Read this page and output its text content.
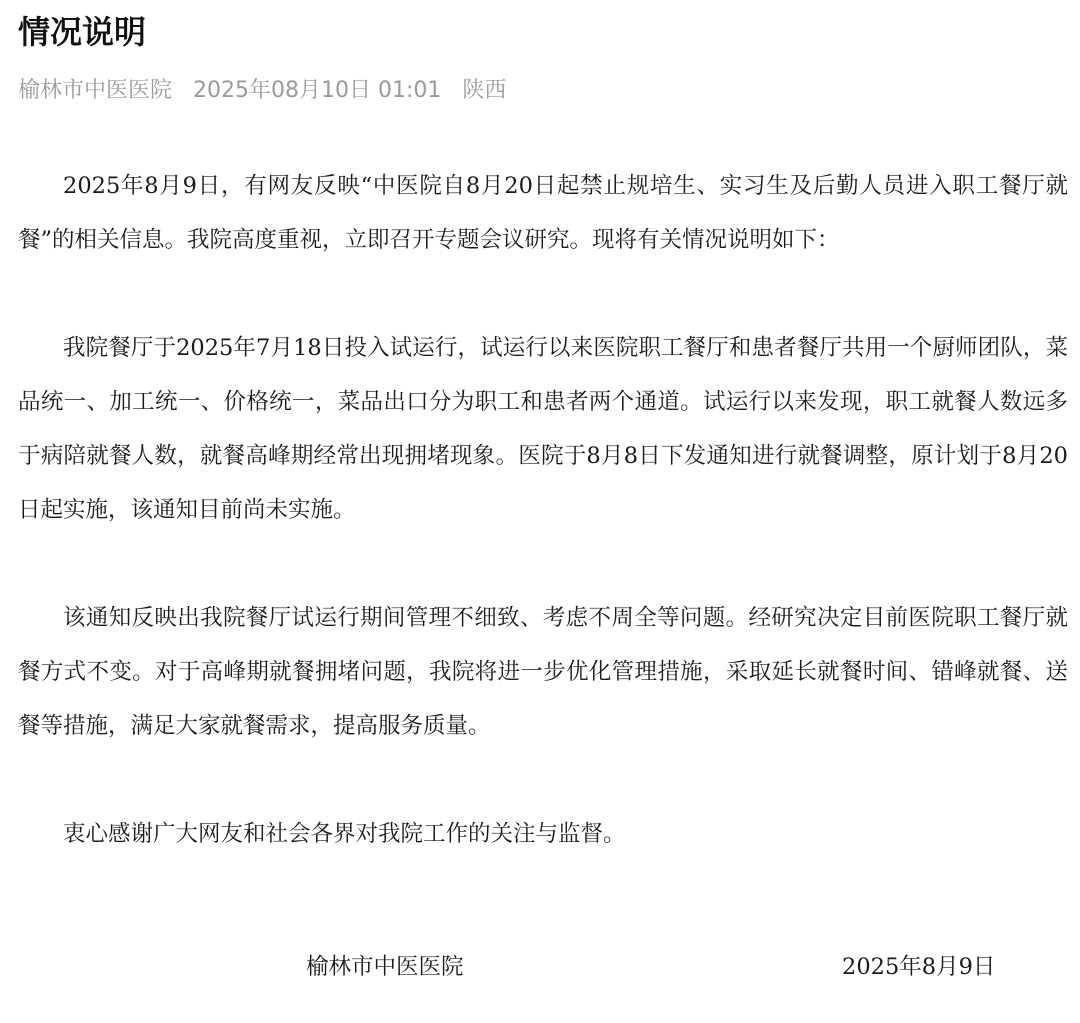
情况说明
榆林市中医医院 2025年08月10日 01:01 陕西

2025年8月9日，有网友反映“中医院自8月20日起禁止规培生、实习生及后勤人员进入职工餐厅就餐”的相关信息。我院高度重视，立即召开专题会议研究。现将有关情况说明如下：

我院餐厅于2025年7月18日投入试运行，试运行以来医院职工餐厅和患者餐厅共用一个厨师团队，菜品统一、加工统一、价格统一，菜品出口分为职工和患者两个通道。试运行以来发现，职工就餐人数远多于病陪就餐人数，就餐高峰期经常出现拥堵现象。医院于8月8日下发通知进行就餐调整，原计划于8月20日起实施，该通知目前尚未实施。

该通知反映出我院餐厅试运行期间管理不细致、考虑不周全等问题。经研究决定目前医院职工餐厅就餐方式不变。对于高峰期就餐拥堵问题，我院将进一步优化管理措施，采取延长就餐时间、错峰就餐、送餐等措施，满足大家就餐需求，提高服务质量。

衷心感谢广大网友和社会各界对我院工作的关注与监督。

榆林市中医医院	2025年8月9日
